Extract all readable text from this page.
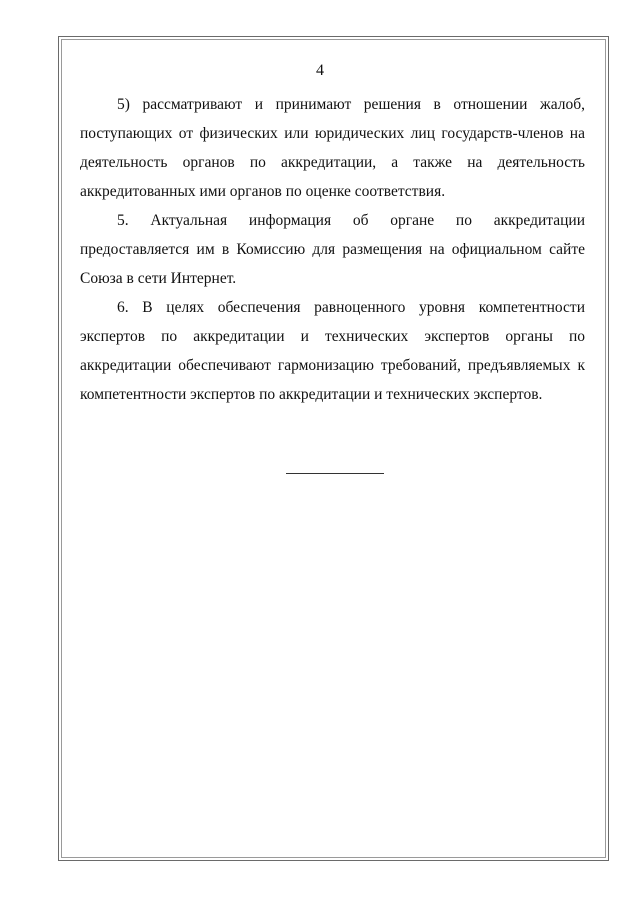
4

5) рассматривают и принимают решения в отношении жалоб, поступающих от физических или юридических лиц государств-членов на деятельность органов по аккредитации, а также на деятельность аккредитованных ими органов по оценке соответствия.

5. Актуальная информация об органе по аккредитации предоставляется им в Комиссию для размещения на официальном сайте Союза в сети Интернет.

6. В целях обеспечения равноценного уровня компетентности экспертов по аккредитации и технических экспертов органы по аккредитации обеспечивают гармонизацию требований, предъявляемых к компетентности экспертов по аккредитации и технических экспертов.
